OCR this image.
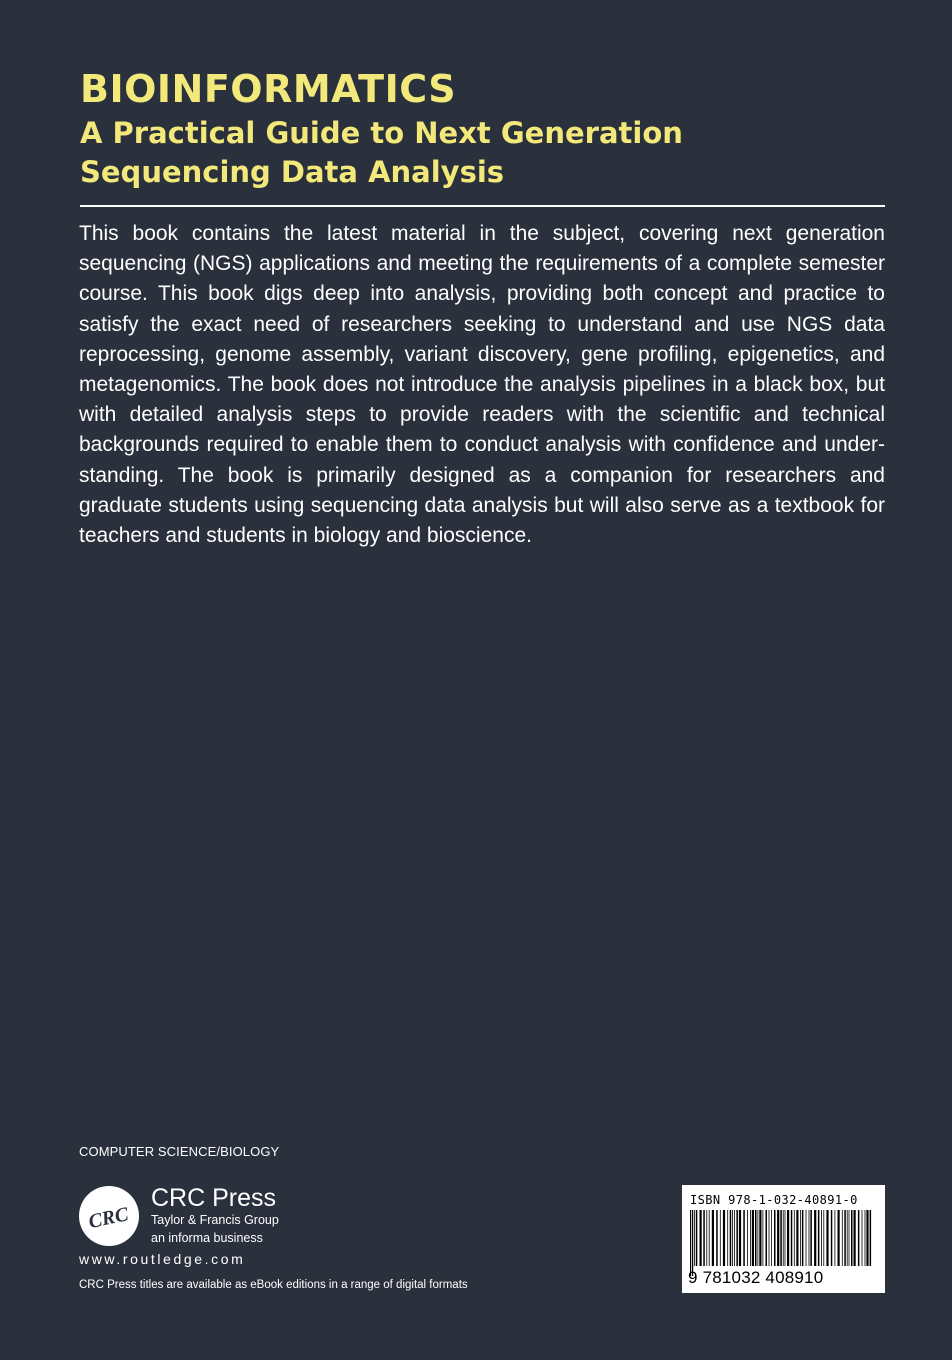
BIOINFORMATICS
A Practical Guide to Next Generation Sequencing Data Analysis

This book contains the latest material in the subject, covering next generation sequencing (NGS) applications and meeting the requirements of a complete semester course. This book digs deep into analysis, providing both concept and practice to satisfy the exact need of researchers seeking to understand and use NGS data reprocessing, genome assembly, variant discovery, gene profiling, epigenetics, and metagenomics. The book does not introduce the analysis pipelines in a black box, but with detailed analysis steps to provide readers with the scientific and technical backgrounds required to enable them to conduct analysis with confidence and understanding. The book is primarily designed as a companion for researchers and graduate students using sequencing data analysis but will also serve as a textbook for teachers and students in biology and bioscience.

COMPUTER SCIENCE/BIOLOGY
CRC
CRC Press
Taylor & Francis Group
an informa business
www.routledge.com
CRC Press titles are available as eBook editions in a range of digital formats
ISBN 978-1-032-40891-0
9 781032 408910
